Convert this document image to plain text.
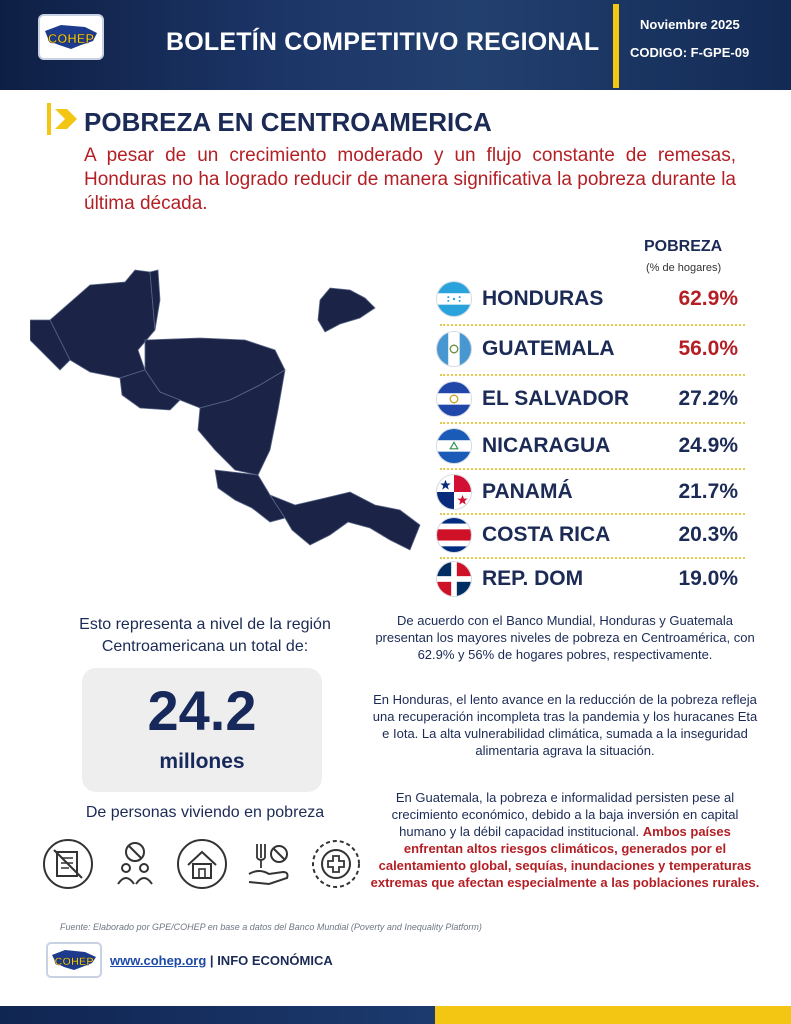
COHEP	BOLETÍN COMPETITIVO REGIONAL
Noviembre 2025
CODIGO: F-GPE-09
POBREZA EN CENTROAMERICA
A pesar de un crecimiento moderado y un flujo constante de remesas, Honduras no ha logrado reducir de manera significativa la pobreza durante la última década.
POBREZA
(% de hogares)
HONDURAS	62.9%
GUATEMALA	56.0%
EL SALVADOR	27.2%
NICARAGUA	24.9%
PANAMÁ	21.7%
COSTA RICA	20.3%
REP. DOM	19.0%
Esto representa a nivel de la región Centroamericana un total de:
24.2
millones
De personas viviendo en pobreza
De acuerdo con el Banco Mundial, Honduras y Guatemala presentan los mayores niveles de pobreza en Centroamérica, con 62.9% y 56% de hogares pobres, respectivamente.
En Honduras, el lento avance en la reducción de la pobreza refleja una recuperación incompleta tras la pandemia y los huracanes Eta e Iota. La alta vulnerabilidad climática, sumada a la inseguridad alimentaria agrava la situación.
En Guatemala, la pobreza e informalidad persisten pese al crecimiento económico, debido a la baja inversión en capital humano y la débil capacidad institucional. Ambos países enfrentan altos riesgos climáticos, generados por el calentamiento global, sequías, inundaciones y temperaturas extremas que afectan especialmente a las poblaciones rurales.
Fuente: Elaborado por GPE/COHEP en base a datos del Banco Mundial (Poverty and Inequality Platform)
COHEP www.cohep.org | INFO ECONÓMICA
